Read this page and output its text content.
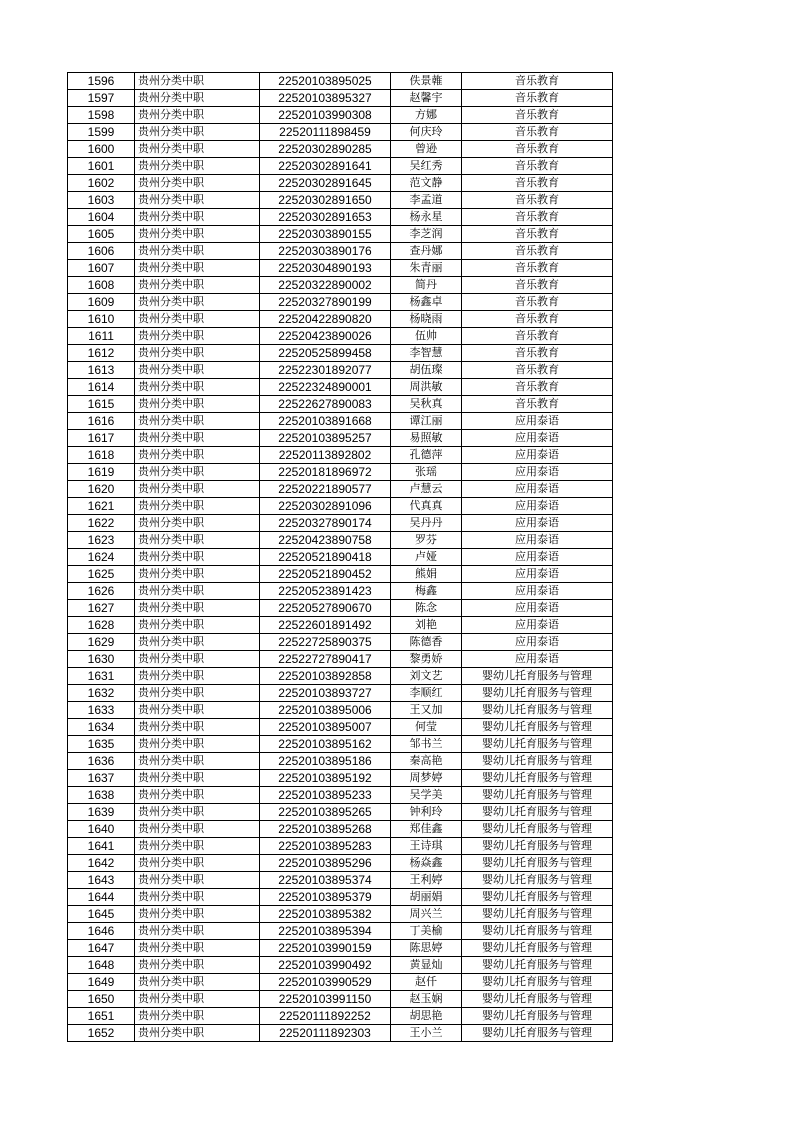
1596	贵州分类中职	22520103895025	佚景雗	音乐教育
1597	贵州分类中职	22520103895327	赵馨宇	音乐教育
1598	贵州分类中职	22520103990308	方娜	音乐教育
1599	贵州分类中职	22520111898459	何庆玲	音乐教育
1600	贵州分类中职	22520302890285	曾逊	音乐教育
1601	贵州分类中职	22520302891641	吴红秀	音乐教育
1602	贵州分类中职	22520302891645	范文静	音乐教育
1603	贵州分类中职	22520302891650	李孟道	音乐教育
1604	贵州分类中职	22520302891653	杨永星	音乐教育
1605	贵州分类中职	22520303890155	李芝润	音乐教育
1606	贵州分类中职	22520303890176	查丹娜	音乐教育
1607	贵州分类中职	22520304890193	朱青丽	音乐教育
1608	贵州分类中职	22520322890002	简丹	音乐教育
1609	贵州分类中职	22520327890199	杨鑫卓	音乐教育
1610	贵州分类中职	22520422890820	杨晓雨	音乐教育
1611	贵州分类中职	22520423890026	伍帅	音乐教育
1612	贵州分类中职	22520525899458	李智慧	音乐教育
1613	贵州分类中职	22522301892077	胡伍璨	音乐教育
1614	贵州分类中职	22522324890001	周洪敏	音乐教育
1615	贵州分类中职	22522627890083	吴秋真	音乐教育
1616	贵州分类中职	22520103891668	谭江丽	应用泰语
1617	贵州分类中职	22520103895257	易照敏	应用泰语
1618	贵州分类中职	22520113892802	孔德萍	应用泰语
1619	贵州分类中职	22520181896972	张瑶	应用泰语
1620	贵州分类中职	22520221890577	卢慧云	应用泰语
1621	贵州分类中职	22520302891096	代真真	应用泰语
1622	贵州分类中职	22520327890174	吴丹丹	应用泰语
1623	贵州分类中职	22520423890758	罗芬	应用泰语
1624	贵州分类中职	22520521890418	卢娅	应用泰语
1625	贵州分类中职	22520521890452	熊娟	应用泰语
1626	贵州分类中职	22520523891423	梅鑫	应用泰语
1627	贵州分类中职	22520527890670	陈念	应用泰语
1628	贵州分类中职	22522601891492	刘艳	应用泰语
1629	贵州分类中职	22522725890375	陈德香	应用泰语
1630	贵州分类中职	22522727890417	黎勇娇	应用泰语
1631	贵州分类中职	22520103892858	刘文艺	婴幼儿托育服务与管理
1632	贵州分类中职	22520103893727	李顺红	婴幼儿托育服务与管理
1633	贵州分类中职	22520103895006	王又加	婴幼儿托育服务与管理
1634	贵州分类中职	22520103895007	何莹	婴幼儿托育服务与管理
1635	贵州分类中职	22520103895162	邹书兰	婴幼儿托育服务与管理
1636	贵州分类中职	22520103895186	秦高艳	婴幼儿托育服务与管理
1637	贵州分类中职	22520103895192	周梦婷	婴幼儿托育服务与管理
1638	贵州分类中职	22520103895233	吴学美	婴幼儿托育服务与管理
1639	贵州分类中职	22520103895265	钟利玲	婴幼儿托育服务与管理
1640	贵州分类中职	22520103895268	郑佳鑫	婴幼儿托育服务与管理
1641	贵州分类中职	22520103895283	王诗琪	婴幼儿托育服务与管理
1642	贵州分类中职	22520103895296	杨焱鑫	婴幼儿托育服务与管理
1643	贵州分类中职	22520103895374	王利婷	婴幼儿托育服务与管理
1644	贵州分类中职	22520103895379	胡丽娟	婴幼儿托育服务与管理
1645	贵州分类中职	22520103895382	周兴兰	婴幼儿托育服务与管理
1646	贵州分类中职	22520103895394	丁美榆	婴幼儿托育服务与管理
1647	贵州分类中职	22520103990159	陈思婷	婴幼儿托育服务与管理
1648	贵州分类中职	22520103990492	黄显灿	婴幼儿托育服务与管理
1649	贵州分类中职	22520103990529	赵仟	婴幼儿托育服务与管理
1650	贵州分类中职	22520103991150	赵玉娴	婴幼儿托育服务与管理
1651	贵州分类中职	22520111892252	胡思艳	婴幼儿托育服务与管理
1652	贵州分类中职	22520111892303	王小兰	婴幼儿托育服务与管理
